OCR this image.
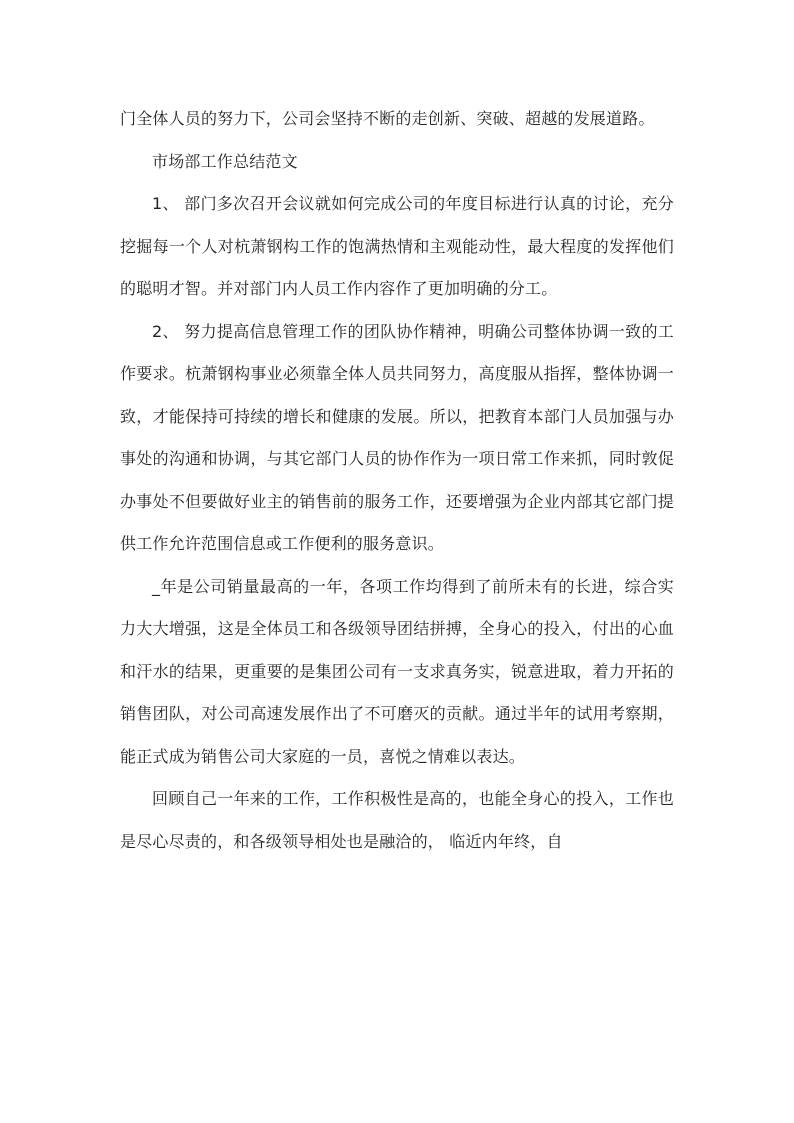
门全体人员的努力下，公司会坚持不断的走创新、突破、超越的发展道路。

市场部工作总结范文

1、 部门多次召开会议就如何完成公司的年度目标进行认真的讨论，充分挖掘每一个人对杭萧钢构工作的饱满热情和主观能动性，最大程度的发挥他们的聪明才智。并对部门内人员工作内容作了更加明确的分工。

2、 努力提高信息管理工作的团队协作精神，明确公司整体协调一致的工作要求。杭萧钢构事业必须靠全体人员共同努力，高度服从指挥，整体协调一致，才能保持可持续的增长和健康的发展。所以，把教育本部门人员加强与办事处的沟通和协调，与其它部门人员的协作作为一项日常工作来抓，同时敦促办事处不但要做好业主的销售前的服务工作，还要增强为企业内部其它部门提供工作允许范围信息或工作便利的服务意识。

_年是公司销量最高的一年，各项工作均得到了前所未有的长进，综合实力大大增强，这是全体员工和各级领导团结拼搏，全身心的投入，付出的心血和汗水的结果，更重要的是集团公司有一支求真务实，锐意进取，着力开拓的销售团队，对公司高速发展作出了不可磨灭的贡献。通过半年的试用考察期，能正式成为销售公司大家庭的一员，喜悦之情难以表达。

回顾自己一年来的工作，工作积极性是高的，也能全身心的投入，工作也是尽心尽责的，和各级领导相处也是融洽的， 临近内年终，自
